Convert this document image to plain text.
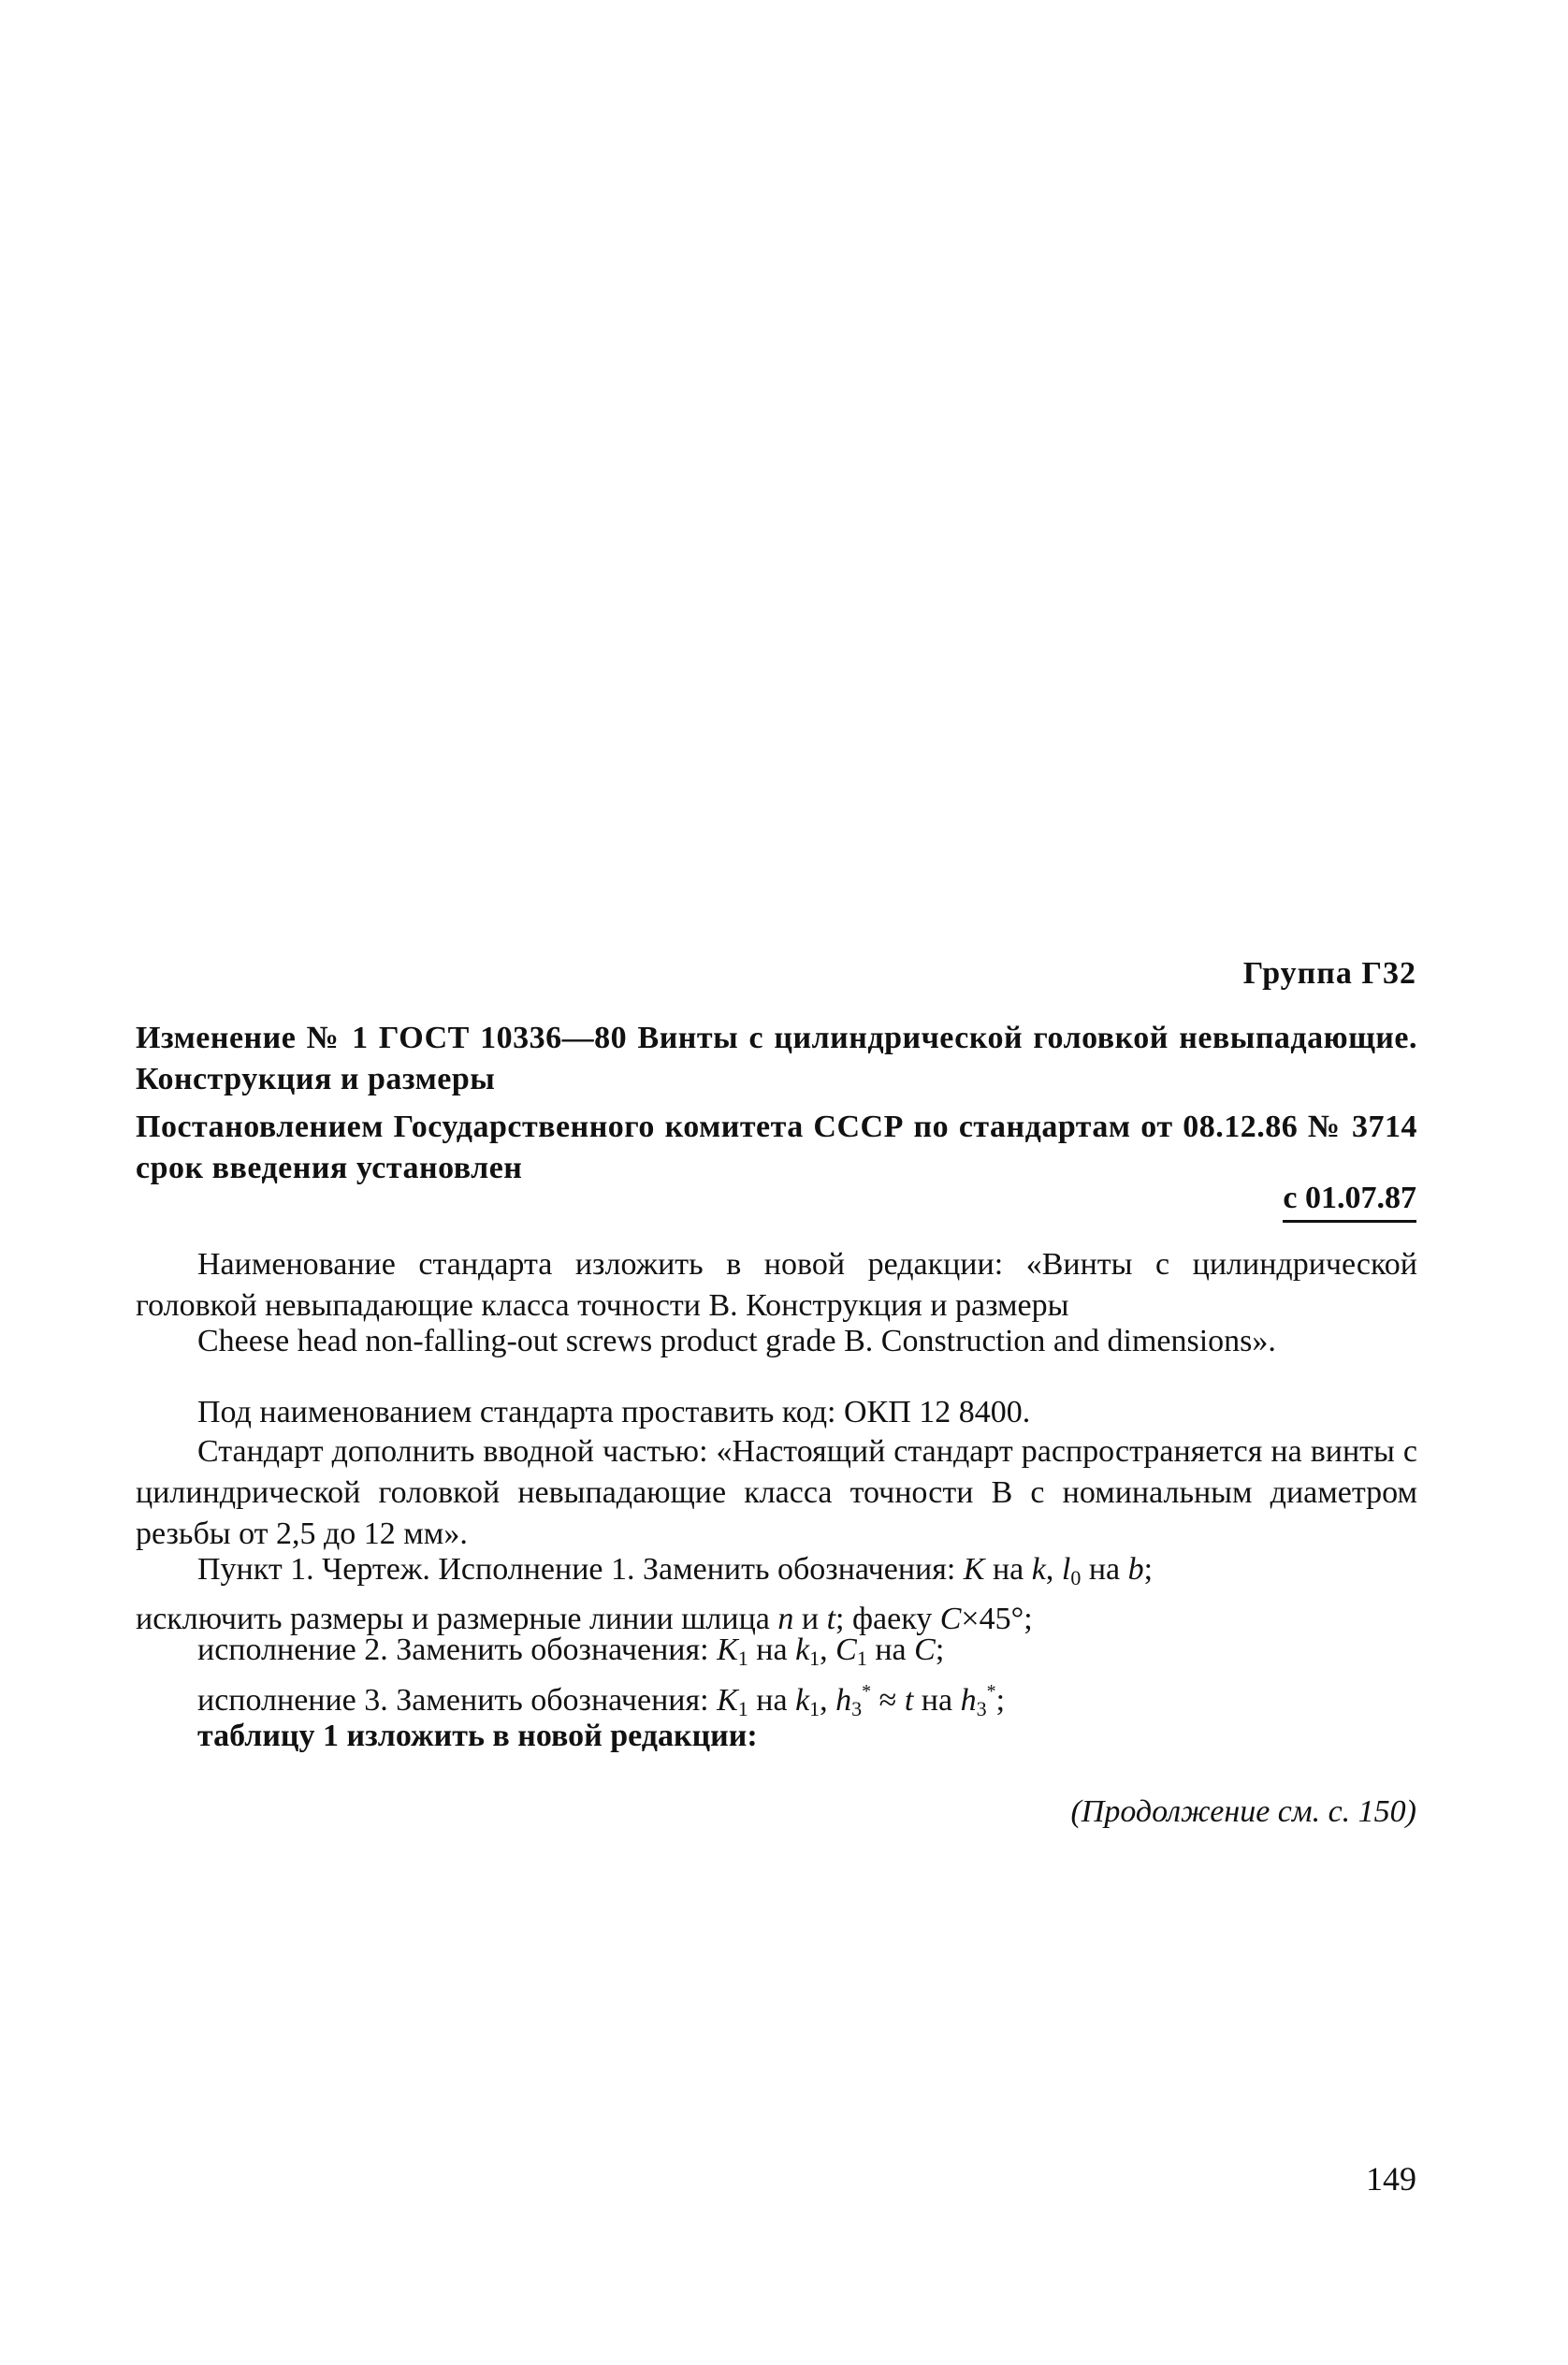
Группа Г32
Изменение № 1 ГОСТ 10336—80 Винты с цилиндрической головкой невыпадающие. Конструкция и размеры
Постановлением Государственного комитета СССР по стандартам от 08.12.86 № 3714 срок введения установлен
с 01.07.87

Наименование стандарта изложить в новой редакции: «Винты с цилиндрической головкой невыпадающие класса точности B. Конструкция и размеры

Cheese head non-falling-out screws product grade B. Construction and dimensions».

Под наименованием стандарта проставить код: ОКП 12 8400.

Стандарт дополнить вводной частью: «Настоящий стандарт распространяется на винты с цилиндрической головкой невыпадающие класса точности B с номинальным диаметром резьбы от 2,5 до 12 мм».

Пункт 1. Чертеж. Исполнение 1. Заменить обозначения: K на k, $l_0$ на b;

исключить размеры и размерные линии шлица n и t; фаеку C×45°;

исполнение 2. Заменить обозначения: $K_1$ на $k_1$, $C_1$ на C;

исполнение 3. Заменить обозначения: $K_1$ на $k_1$, $h_3^* \approx t$ на $h_3^*$;

таблицу 1 изложить в новой редакции:

(Продолжение см. с. 150)
149
